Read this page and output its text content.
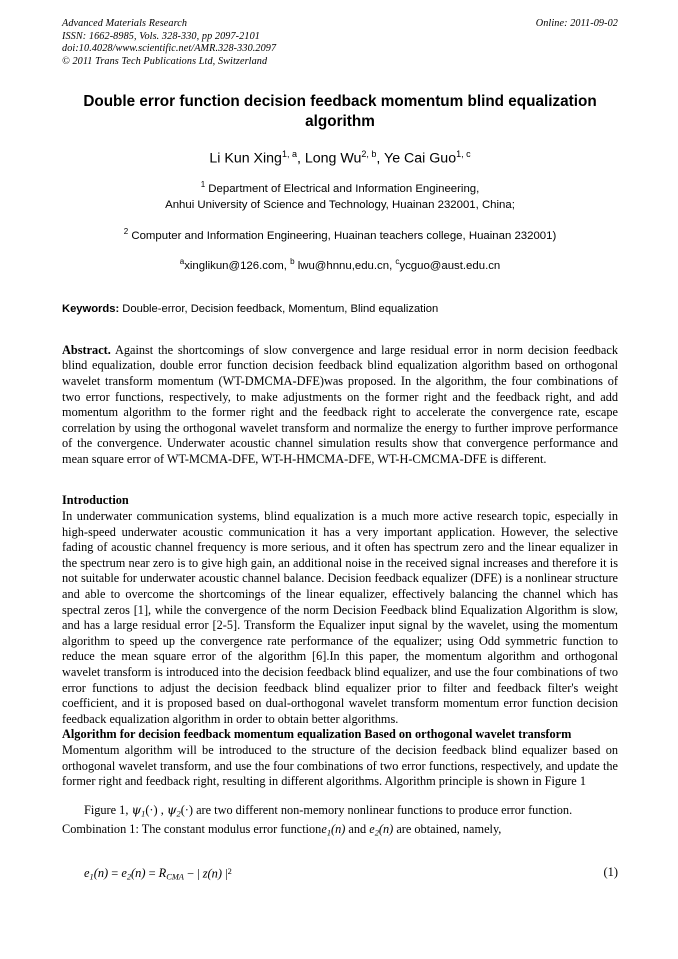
Advanced Materials Research
ISSN: 1662-8985, Vols. 328-330, pp 2097-2101
doi:10.4028/www.scientific.net/AMR.328-330.2097
© 2011 Trans Tech Publications Ltd, Switzerland
Online: 2011-09-02
Double error function decision feedback momentum blind equalization algorithm
Li Kun Xing$^{1, a}$, Long Wu$^{2, b}$, Ye Cai Guo$^{1, c}$
$^1$ Department of Electrical and Information Engineering,
Anhui University of Science and Technology, Huainan 232001, China;
$^2$ Computer and Information Engineering, Huainan teachers college, Huainan 232001)
$^a$xinglikun@126.com, $^b$ lwu@hnnu,edu.cn, $^c$ycguo@aust.edu.cn
Keywords: Double-error, Decision feedback, Momentum, Blind equalization
Abstract. Against the shortcomings of slow convergence and large residual error in norm decision feedback blind equalization, double error function decision feedback blind equalization algorithm based on orthogonal wavelet transform momentum (WT-DMCMA-DFE)was proposed. In the algorithm, the four combinations of two error functions, respectively, to make adjustments on the former right and the feedback right, and add momentum algorithm to the former right and the feedback right to accelerate the convergence rate, escape correlation by using the orthogonal wavelet transform and normalize the energy to further improve performance of the convergence. Underwater acoustic channel simulation results show that convergence performance and mean square error of WT-MCMA-DFE, WT-H-HMCMA-DFE, WT-H-CMCMA-DFE is different.
Introduction
In underwater communication systems, blind equalization is a much more active research topic, especially in high-speed underwater acoustic communication it has a very important application. However, the selective fading of acoustic channel frequency is more serious, and it often has spectrum zero and the linear equalizer in the spectrum near zero is to give high gain, an additional noise in the received signal increases and therefore it is not suitable for underwater acoustic channel balance. Decision feedback equalizer (DFE) is a nonlinear structure and able to overcome the shortcomings of the linear equalizer, effectively balancing the channel which has spectral zeros [1], while the convergence of the norm Decision Feedback blind Equalization Algorithm is slow, and has a large residual error [2-5]. Transform the Equalizer input signal by the wavelet, using the momentum algorithm to speed up the convergence rate performance of the equalizer; using Odd symmetric function to reduce the mean square error of the algorithm [6].In this paper, the momentum algorithm and orthogonal wavelet transform is introduced into the decision feedback blind equalizer, and use the four combinations of two error functions to adjust the decision feedback blind equalizer prior to filter and feedback filter's weight coefficient, and it is proposed based on dual-orthogonal wavelet transform momentum error function decision feedback equalization algorithm in order to obtain better algorithms.
Algorithm for decision feedback momentum equalization Based on orthogonal wavelet transform
Momentum algorithm will be introduced to the structure of the decision feedback blind equalizer based on orthogonal wavelet transform, and use the four combinations of two error functions, respectively, and update the former right and feedback right, resulting in different algorithms. Algorithm principle is shown in Figure 1
Figure 1, ψ1(·) , ψ2(·) are two different non-memory nonlinear functions to produce error function.
Combination 1: The constant modulus error functione1(n) and e2(n) are obtained, namely,
e1(n) = e2(n) = RCMA − | z(n) $|^2$	(1)
